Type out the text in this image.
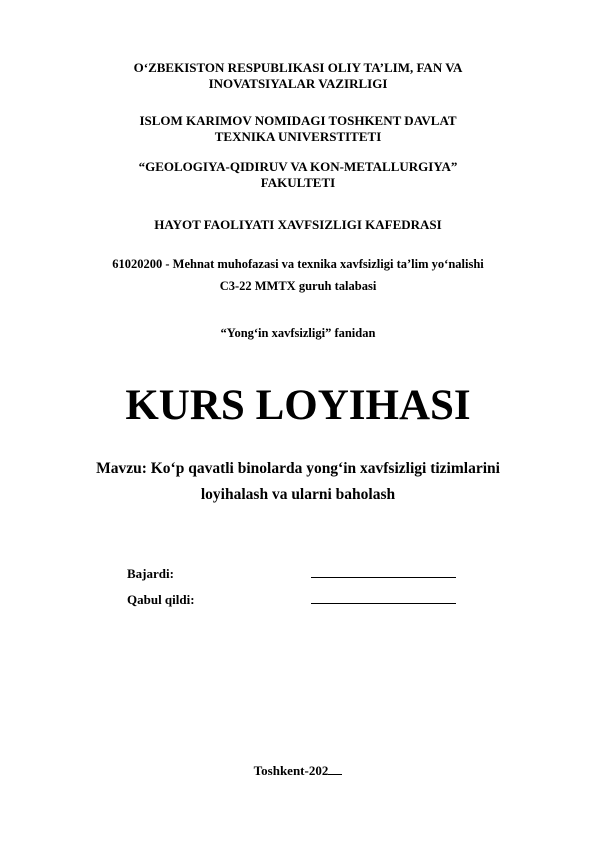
O‘ZBEKISTON RESPUBLIKASI OLIY TA’LIM, FAN VA
INOVATSIYALAR VAZIRLIGI
ISLOM KARIMOV NOMIDAGI TOSHKENT DAVLAT
TEXNIKA UNIVERSTITETI
“GEOLOGIYA-QIDIRUV VA KON-METALLURGIYA”
FAKULTETI
HAYOT FAOLIYATI XAVFSIZLIGI KAFEDRASI
61020200 - Mehnat muhofazasi va texnika xavfsizligi ta’lim yo‘nalishi
C3-22 MMTX guruh talabasi
“Yong‘in xavfsizligi” fanidan
KURS LOYIHASI
Mavzu: Ko‘p qavatli binolarda yong‘in xavfsizligi tizimlarini
loyihalash va ularni baholash
Bajardi:
Qabul qildi:
Toshkent-202
